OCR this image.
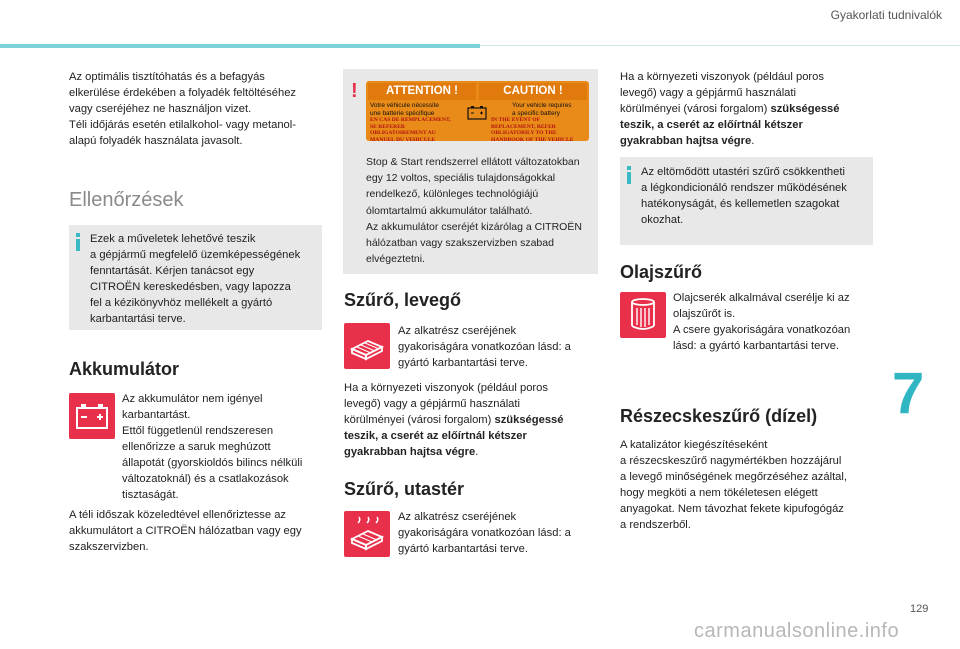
Gyakorlati tudnivalók
Az optimális tisztítóhatás és a befagyás
elkerülése érdekében a folyadék feltöltéséhez
vagy cseréjéhez ne használjon vizet.
Téli időjárás esetén etilalkohol- vagy metanol-
alapú folyadék használata javasolt.
Ellenőrzések
Ezek a műveletek lehetővé teszik
a gépjármű megfelelő üzemképességének
fenntartását. Kérjen tanácsot egy
CITROËN kereskedésben, vagy lapozza
fel a kézikönyvhöz mellékelt a gyártó
karbantartási terve.
Akkumulátor
Az akkumulátor nem igényel
karbantartást.
Ettől függetlenül rendszeresen
ellenőrizze a saruk meghúzott
állapotát (gyorskioldós bilincs nélküli
változatoknál) és a csatlakozások
tisztaságát.
A téli időszak közeledtével ellenőriztesse az
akkumulátort a CITROËN hálózatban vagy egy
szakszervizben.
!	ATTENTION !	CAUTION !
Votre véhicule nécessite
une batterie spécifique
Your vehicle requires
a specific battery
EN CAS DE REMPLACEMENT,
SE REFERER
OBLIGATOIREMENT AU
MANUEL DU VEHICULE
IN THE EVENT OF
REPLACEMENT, REFER
OBLIGATORILY TO THE
HANDBOOK OF THE VEHICLE
Stop & Start rendszerrel ellátott változatokban
egy 12 voltos, speciális tulajdonságokkal
rendelkező, különleges technológiájú
ólomtartalmú akkumulátor található.
Az akkumulátor cseréjét kizárólag a CITROËN
hálózatban vagy szakszervizben szabad
elvégeztetni.
Szűrő, levegő
Az alkatrész cseréjének
gyakoriságára vonatkozóan lásd: a
gyártó karbantartási terve.
Ha a környezeti viszonyok (például poros
levegő) vagy a gépjármű használati
körülményei (városi forgalom) szükségessé
teszik, a cserét az előírtnál kétszer
gyakrabban hajtsa végre.
Szűrő, utastér
Az alkatrész cseréjének
gyakoriságára vonatkozóan lásd: a
gyártó karbantartási terve.
Ha a környezeti viszonyok (például poros
levegő) vagy a gépjármű használati
körülményei (városi forgalom) szükségessé
teszik, a cserét az előírtnál kétszer
gyakrabban hajtsa végre.
Az eltömődött utastéri szűrő csökkentheti
a légkondicionáló rendszer működésének
hatékonyságát, és kellemetlen szagokat
okozhat.
Olajszűrő
Olajcserék alkalmával cserélje ki az
olajszűrőt is.
A csere gyakoriságára vonatkozóan
lásd: a gyártó karbantartási terve.
Részecskeszűrő (dízel)
A katalizátor kiegészítéseként
a részecskeszűrő nagymértékben hozzájárul
a levegő minőségének megőrzéséhez azáltal,
hogy megköti a nem tökéletesen elégett
anyagokat. Nem távozhat fekete kipufogógáz
a rendszerből.
7
129
carmanualsonline.info
